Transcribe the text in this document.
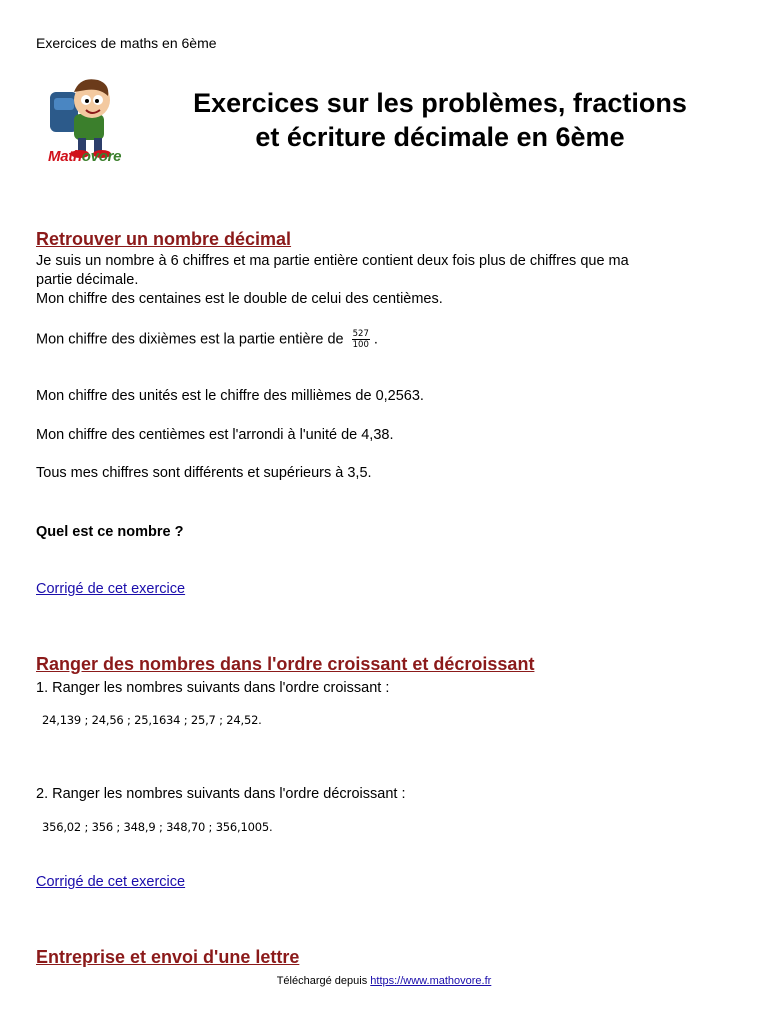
Exercices de maths en 6ème
Mathovore
Exercices sur les problèmes, fractions
et écriture décimale en 6ème
Retrouver un nombre décimal
Je suis un nombre à 6 chiffres et ma partie entière contient deux fois plus de chiffres que ma
partie décimale.
Mon chiffre des centaines est le double de celui des centièmes.
Mon chiffre des dixièmes est la partie entière de $\frac{527}{100}$ .
Mon chiffre des unités est le chiffre des millièmes de 0,2563.
Mon chiffre des centièmes est l'arrondi à l'unité de 4,38.
Tous mes chiffres sont différents et supérieurs à 3,5.
Quel est ce nombre ?
Corrigé de cet exercice
Ranger des nombres dans l'ordre croissant et décroissant
1. Ranger les nombres suivants dans l'ordre croissant :
24,139 ; 24,56 ; 25,1634 ; 25,7 ; 24,52.
2. Ranger les nombres suivants dans l'ordre décroissant :
356,02 ; 356 ; 348,9 ; 348,70 ; 356,1005.
Corrigé de cet exercice
Entreprise et envoi d'une lettre
Téléchargé depuis https://www.mathovore.fr
